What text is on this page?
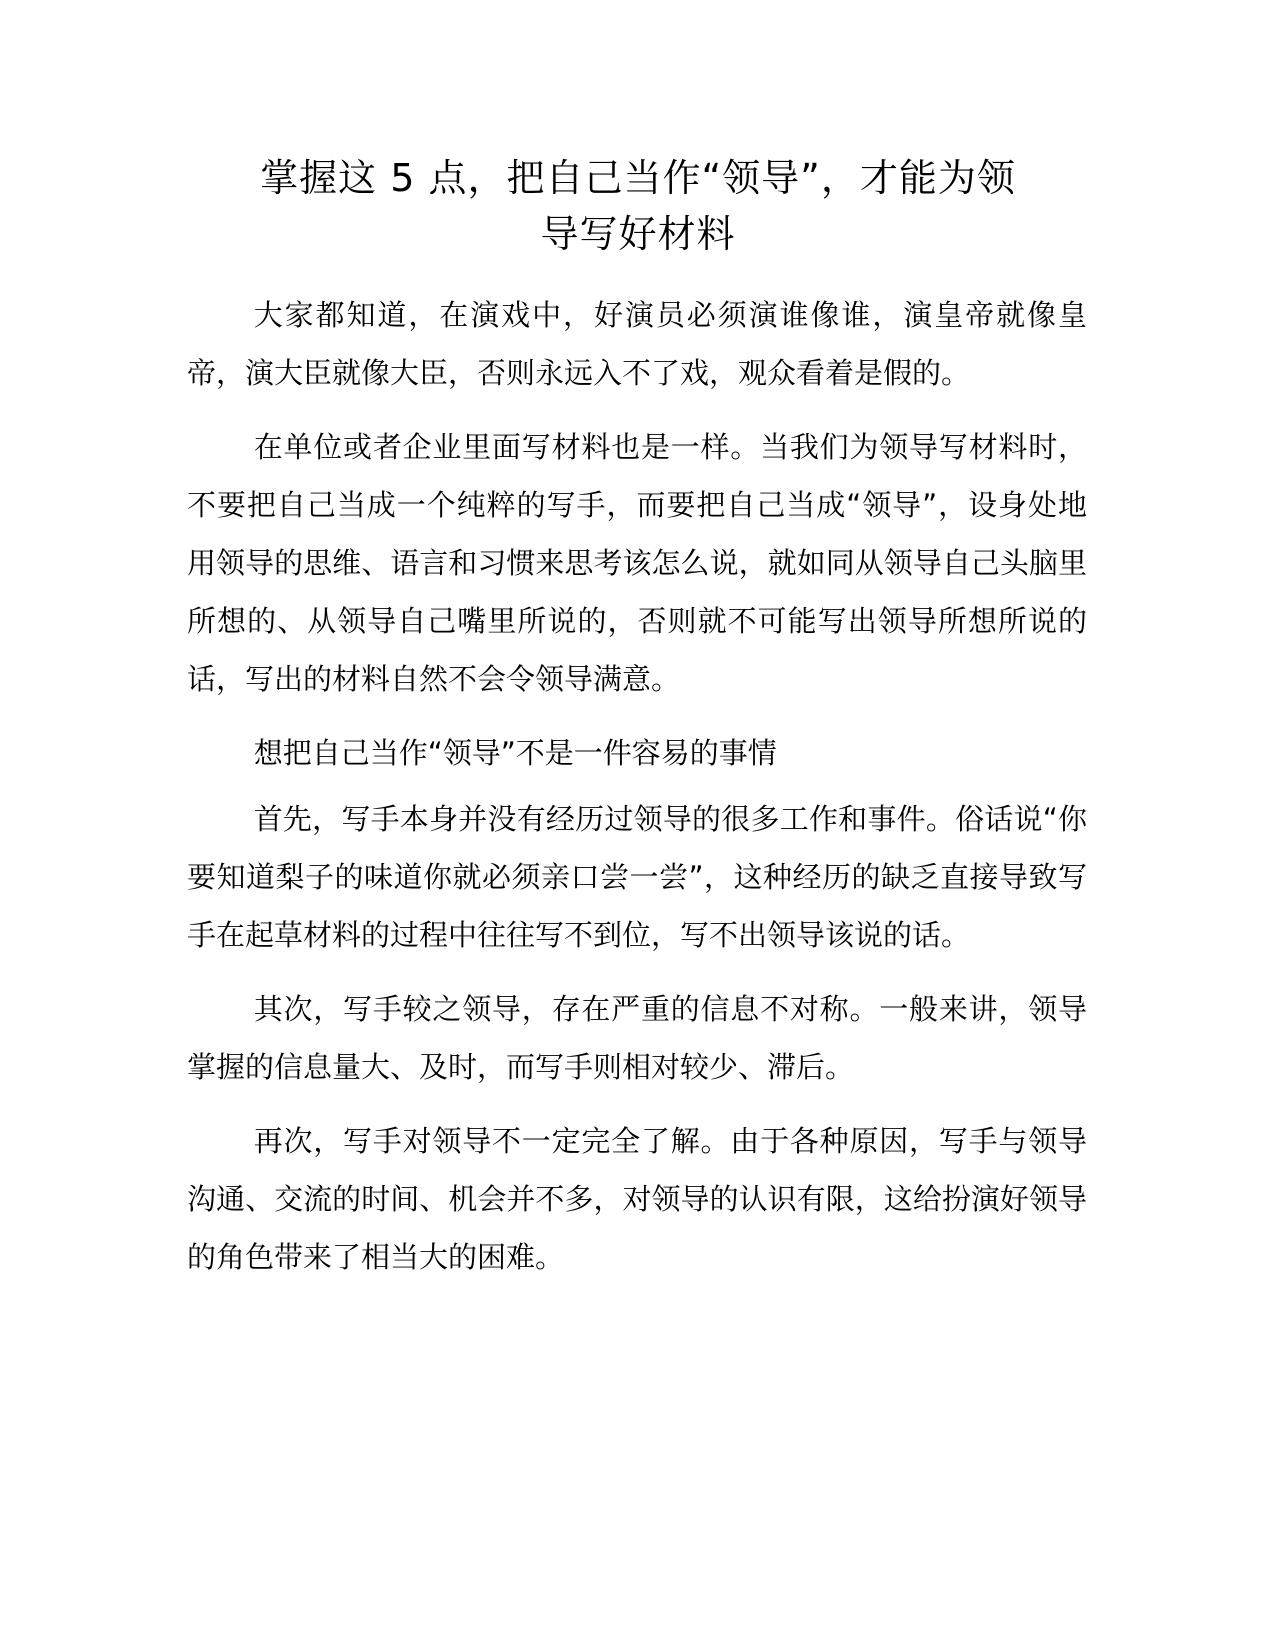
掌握这 5 点，把自己当作“领导”，才能为领
导写好材料

大家都知道，在演戏中，好演员必须演谁像谁，演皇帝就像皇帝，演大臣就像大臣，否则永远入不了戏，观众看着是假的。

在单位或者企业里面写材料也是一样。当我们为领导写材料时，不要把自己当成一个纯粹的写手，而要把自己当成“领导”，设身处地用领导的思维、语言和习惯来思考该怎么说，就如同从领导自己头脑里所想的、从领导自己嘴里所说的，否则就不可能写出领导所想所说的话，写出的材料自然不会令领导满意。

想把自己当作“领导”不是一件容易的事情

首先，写手本身并没有经历过领导的很多工作和事件。俗话说“你要知道梨子的味道你就必须亲口尝一尝”，这种经历的缺乏直接导致写手在起草材料的过程中往往写不到位，写不出领导该说的话。

其次，写手较之领导，存在严重的信息不对称。一般来讲，领导掌握的信息量大、及时，而写手则相对较少、滞后。

再次，写手对领导不一定完全了解。由于各种原因，写手与领导沟通、交流的时间、机会并不多，对领导的认识有限，这给扮演好领导的角色带来了相当大的困难。
